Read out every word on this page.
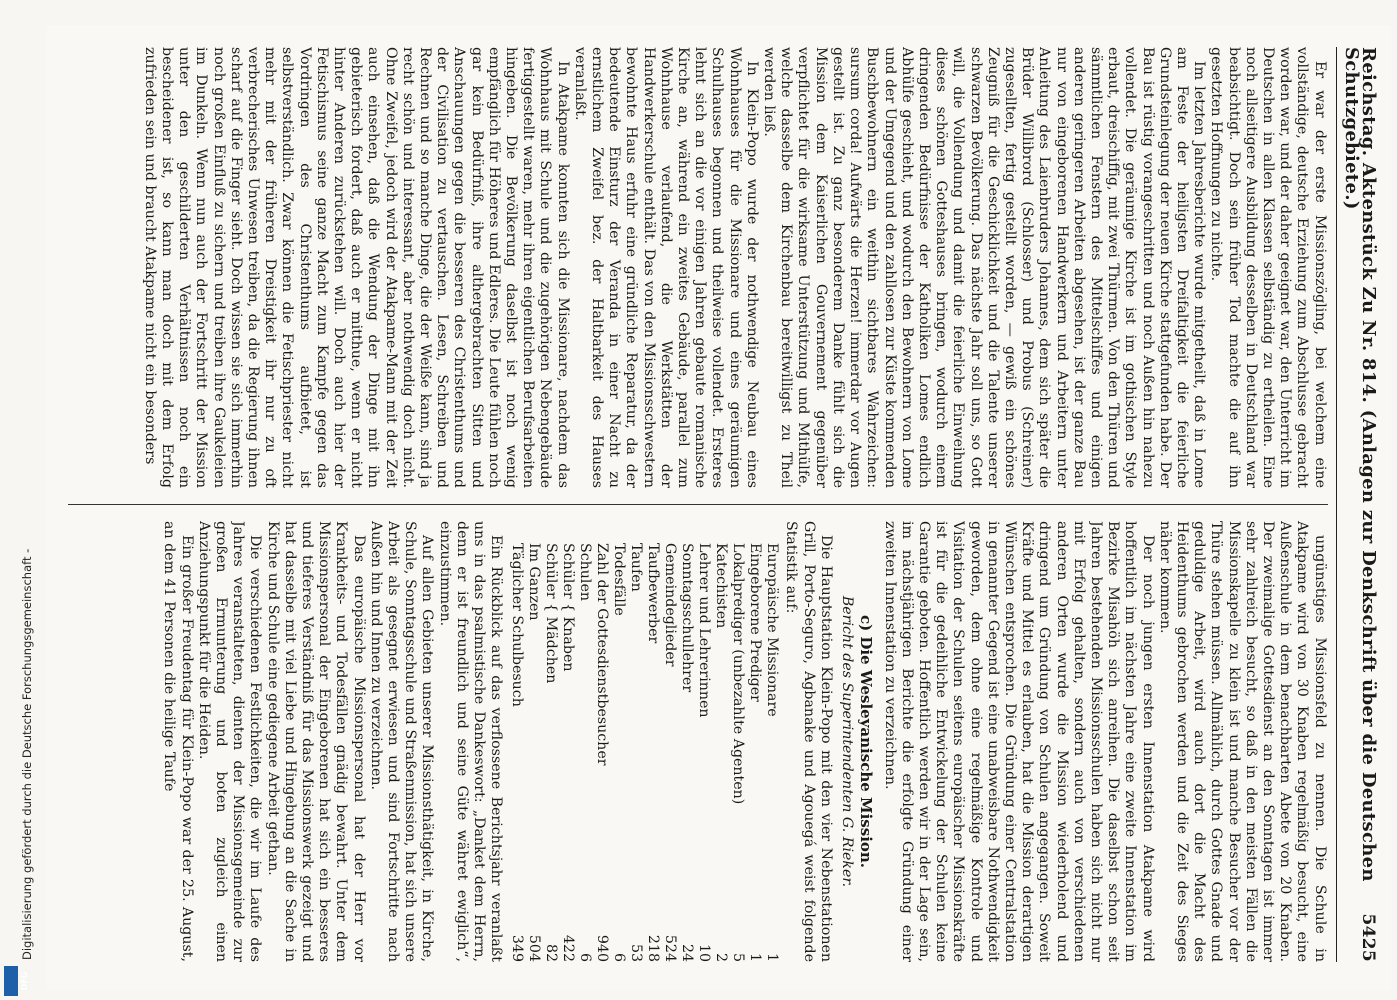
Digitalisierung gefördert durch die Deutsche Forschungsgemeinschaft -
DFG
Reichstag. Aktenstück Zu Nr. 814. (Anlagen zur Denkschrift über die Deutschen Schutzgebiete.)
5425

Er war der erste Missionszögling, bei welchem eine vollständige, deutsche Erziehung zum Abschlusse gebracht worden war, und der daher geeignet war, den Unterricht im Deutschen in allen Klassen selbständig zu ertheilen. Eine noch allseitigere Ausbildung desselben in Deutschland war beabsichtigt. Doch sein früher Tod machte die auf ihn gesetzten Hoffnungen zu nichte.

Im letzten Jahresberichte wurde mitgetheilt, daß in Lome am Feste der heiligsten Dreifaltigkeit die feierliche Grundsteinlegung der neuen Kirche stattgefunden habe. Der Bau ist rüstig vorangeschritten und noch Außen hin nahezu vollendet. Die geräumige Kirche ist im gothischen Style erbaut, dreischiffig, mit zwei Thürmen. Von den Thüren und sämmtlichen Fenstern des Mittelschiffes und einigen anderen geringeren Arbeiten abgesehen, ist der ganze Bau nur von eingeborenen Handwerkern und Arbeitern unter Anleitung des Laienbruders Johannes, dem sich später die Brüder Willibrord (Schlosser) und Probus (Schreiner) zugesellten, fertig gestellt worden, — gewiß ein schönes Zeugniß für die Geschicklichkeit und die Talente unserer schwarzen Bevölkerung. Das nächste Jahr soll uns, so Gott will, die Vollendung und damit die feierliche Einweihung dieses schönen Gotteshauses bringen, wodurch einem dringenden Bedürfnisse der Katholiken Lomes endlich Abhülfe geschieht, und wodurch den Bewohnern von Lome und der Umgegend und den zahllosen zur Küste kommenden Buschbewohnern ein weithin sichtbares Wahrzeichen: sursum corda! Aufwärts die Herzen! immerdar vor Augen gestellt ist. Zu ganz besonderem Danke fühlt sich die Mission dem Kaiserlichen Gouvernement gegenüber verpflichtet für die wirksame Unterstützung und Mithülfe, welche dasselbe dem Kirchenbau bereitwilligst zu Theil werden ließ.

In Klein-Popo wurde der nothwendige Neubau eines Wohnhauses für die Missionare und eines geräumigen Schulhauses begonnen und theilweise vollendet. Ersteres lehnt sich an die vor einigen Jahren gebaute romanische Kirche an, während ein zweites Gebäude, parallel zum Wohnhause verlaufend, die Werkstätten der Handwerkerschule enthält. Das von den Missionsschwestern bewohnte Haus erfuhr eine gründliche Reparatur, da der bedeutende Einsturz der Veranda in einer Nacht zu ernstlichem Zweifel bez. der Haltbarkeit des Hauses veranlaßt.

In Atakpame konnten sich die Missionare, nachdem das Wohnhaus mit Schule und die zugehörigen Nebengebäude fertiggestellt waren, mehr ihren eigentlichen Berufsarbeiten hingeben. Die Bevölkerung daselbst ist noch wenig empfänglich für Höheres und Edleres. Die Leute fühlen noch gar kein Bedürfniß, ihre althergebrachten Sitten und Anschauungen gegen die besseren des Christenthums und der Civilisation zu vertauschen. Lesen, Schreiben und Rechnen und so manche Dinge, die der Weiße kann, sind ja recht schön und interessant, aber nothwendig doch nicht. Ohne Zweifel, jedoch wird der Atakpame-Mann mit der Zeit auch einsehen, daß die Wendung der Dinge mit ihn gebieterisch fordert, daß auch er mitthue, wenn er nicht hinter Anderen zurückstehen will. Doch auch hier der Fetischismus seine ganze Macht zum Kampfe gegen das Vordringen des Christenthums aufbietet, ist selbstverständlich. Zwar können die Fetischpriester nicht mehr mit der früheren Dreistigkeit ihr nur zu oft verbrecherisches Unwesen treiben, da die Regierung ihnen scharf auf die Finger sieht. Doch wissen sie sich immerhin noch großen Einfluß zu sichern und treiben ihre Gaukeleien im Dunkeln. Wenn nun auch der Fortschritt der Mission unter den geschilderten Verhältnissen noch ein bescheidener ist, so kann man doch mit dem Erfolg zufrieden sein und braucht Atakpame nicht ein besonders

ungünstiges Missionsfeld zu nennen. Die Schule in Atakpame wird von 30 Knaben regelmäßig besucht, eine Außenschule in dem benachbarten Abete von 20 Knaben. Der zweimalige Gottesdienst an den Sonntagen ist immer sehr zahlreich besucht, so daß in den meisten Fällen die Missionskapelle zu klein ist und manche Besucher vor der Thüre stehen müssen. Allmählich, durch Gottes Gnade und geduldige Arbeit, wird auch dort die Macht des Heidenthums gebrochen werden und die Zeit des Sieges näher kommen.

Der noch jungen ersten Innenstation Atakpame wird hoffentlich im nächsten Jahre eine zweite Innenstation im Bezirke Misahöh sich anreihen. Die daselbst schon seit Jahren bestehenden Missionsschulen haben sich nicht nur mit Erfolg gehalten, sondern auch von verschiedenen anderen Orten wurde die Mission wiederholend und dringend um Gründung von Schulen angegangen. Soweit Kräfte und Mittel es erlauben, hat die Mission derartigen Wünschen entsprochen. Die Gründung einer Centralstation in genannter Gegend ist eine unabweisbare Nothwendigkeit geworden, dem ohne eine regelmäßige Kontrole und Visitation der Schulen seitens europäischer Missionskräfte ist für die gedeihliche Entwickelung der Schulen keine Garantie geboten. Hoffentlich werden wir in der Lage sein, im nächstjährigen Berichte die erfolgte Gründung einer zweiten Innenstation zu verzeichnen.

c) Die Wesleyanische Mission.
Bericht des Superintendenten G. Rieker.

Die Hauptstation Klein-Popo mit den vier Nebenstationen Grill, Porto-Seguro, Agbanake und Agouegá weist folgende Statistik auf:

Europäische Missionare	1
Eingeborene Prediger	1
Lokalprediger (unbezahlte Agenten)	5
Katechisten	2
Lehrer und Lehrerinnen	10
Sonntagsschullehrer	24
Gemeindeglieder	524
Taufbewerber	218
Taufen	53
Todesfälle	6
Zahl der Gottesdienstbesucher	940
Schulen	6
Schüler { Knaben	422
Schüler { Mädchen	82
Im Ganzen	504
Täglicher Schulbesuch	349

Ein Rückblick auf das verflossene Berichtsjahr veranlaßt uns in das psalmistische Dankeswort: „Danket dem Herrn, denn er ist freundlich und seine Güte währet ewiglich“, einzustimmen.

Auf allen Gebieten unserer Missionsthätigkeit, in Kirche, Schule, Sonntagsschule und Straßenmission, hat sich unsere Arbeit als gesegnet erwiesen und sind Fortschritte nach Außen hin und Innen zu verzeichnen.

Das europäische Missionspersonal hat der Herr vor Krankheits- und Todesfällen gnädig bewahrt. Unter dem Missionspersonal der Eingeborenen hat sich ein besseres und tieferes Verständniß für das Missionswerk gezeigt und hat dasselbe mit viel Liebe und Hingebung an die Sache in Kirche und Schule eine gediegene Arbeit gethan.

Die verschiedenen Festlichkeiten, die wir im Laufe des Jahres veranstalteten, dienten der Missionsgemeinde zur großen Ermunterung und boten zugleich einen Anziehungspunkt für die Heiden.

Ein großer Freudentag für Klein-Popo war der 25. August, an dem 41 Personen die heilige Taufe
